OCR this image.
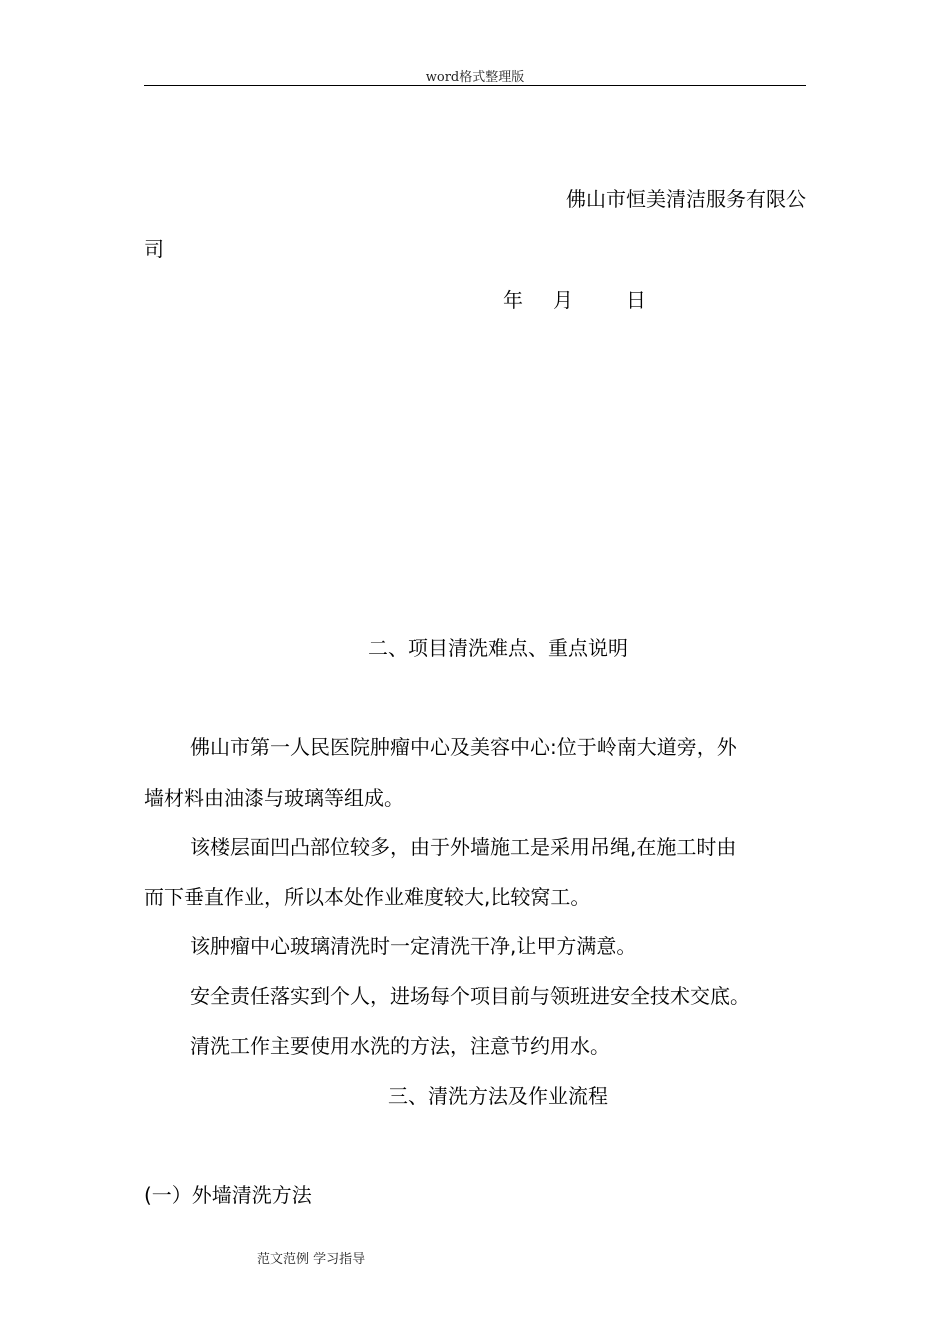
word格式整理版
佛山市恒美清洁服务有限公
司
年 月	日
二、项目清洗难点、重点说明
佛山市第一人民医院肿瘤中心及美容中心:位于岭南大道旁，外
墙材料由油漆与玻璃等组成。
该楼层面凹凸部位较多，由于外墙施工是采用吊绳,在施工时由
而下垂直作业，所以本处作业难度较大,比较窝工。
该肿瘤中心玻璃清洗时一定清洗干净,让甲方满意。
安全责任落实到个人，进场每个项目前与领班进安全技术交底。
清洗工作主要使用水洗的方法，注意节约用水。
三、清洗方法及作业流程
(一）外墙清洗方法
范文范例 学习指导
